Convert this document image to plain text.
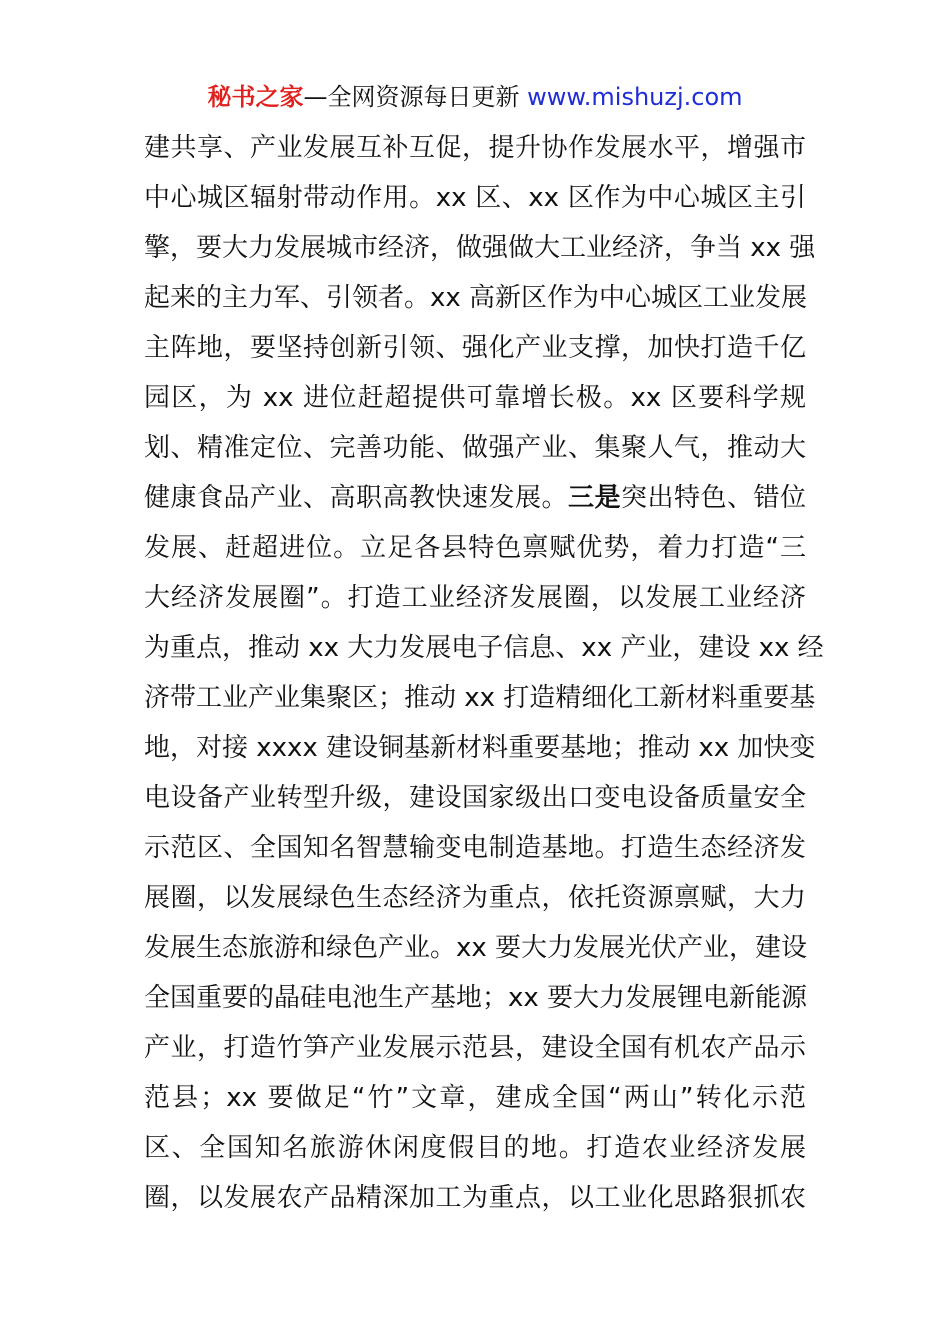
秘书之家—全网资源每日更新 www.mishuzj.com
建共享、产业发展互补互促，提升协作发展水平，增强市
中心城区辐射带动作用。xx 区、xx 区作为中心城区主引
擎，要大力发展城市经济，做强做大工业经济，争当 xx 强
起来的主力军、引领者。xx 高新区作为中心城区工业发展
主阵地，要坚持创新引领、强化产业支撑，加快打造千亿
园区，为 xx 进位赶超提供可靠增长极。xx 区要科学规
划、精准定位、完善功能、做强产业、集聚人气，推动大
健康食品产业、高职高教快速发展。三是突出特色、错位
发展、赶超进位。立足各县特色禀赋优势，着力打造“三
大经济发展圈”。打造工业经济发展圈，以发展工业经济
为重点，推动 xx 大力发展电子信息、xx 产业，建设 xx 经
济带工业产业集聚区；推动 xx 打造精细化工新材料重要基
地，对接 xxxx 建设铜基新材料重要基地；推动 xx 加快变
电设备产业转型升级，建设国家级出口变电设备质量安全
示范区、全国知名智慧输变电制造基地。打造生态经济发
展圈，以发展绿色生态经济为重点，依托资源禀赋，大力
发展生态旅游和绿色产业。xx 要大力发展光伏产业，建设
全国重要的晶硅电池生产基地；xx 要大力发展锂电新能源
产业，打造竹笋产业发展示范县，建设全国有机农产品示
范县；xx 要做足“竹”文章，建成全国“两山”转化示范
区、全国知名旅游休闲度假目的地。打造农业经济发展
圈，以发展农产品精深加工为重点，以工业化思路狠抓农
